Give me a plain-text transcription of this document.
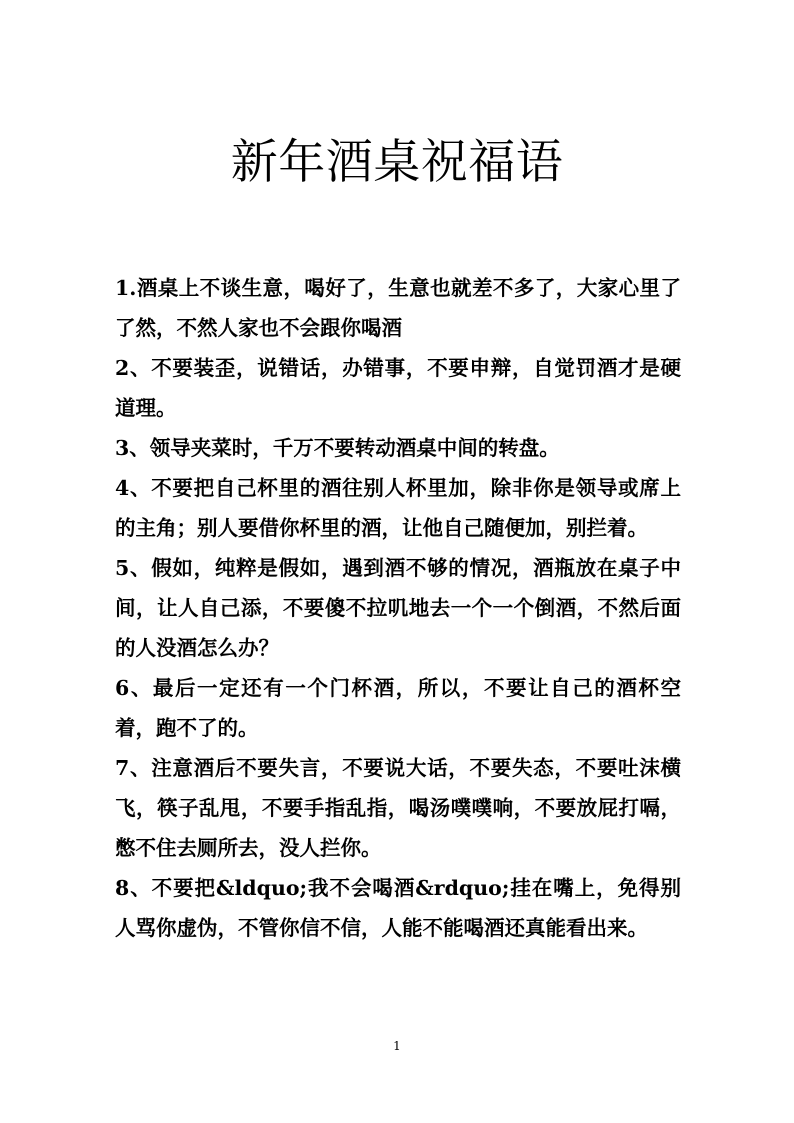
新年酒桌祝福语

1.酒桌上不谈生意，喝好了，生意也就差不多了，大家心里了了然，不然人家也不会跟你喝酒

2、不要装歪，说错话，办错事，不要申辩，自觉罚酒才是硬道理。

3、领导夹菜时，千万不要转动酒桌中间的转盘。

4、不要把自己杯里的酒往别人杯里加，除非你是领导或席上的主角；别人要借你杯里的酒，让他自己随便加，别拦着。

5、假如，纯粹是假如，遇到酒不够的情况，酒瓶放在桌子中间，让人自己添，不要傻不拉叽地去一个一个倒酒，不然后面的人没酒怎么办？

6、最后一定还有一个门杯酒，所以，不要让自己的酒杯空着，跑不了的。

7、注意酒后不要失言，不要说大话，不要失态，不要吐沫横飞，筷子乱甩，不要手指乱指，喝汤噗噗响，不要放屁打嗝，憋不住去厕所去，没人拦你。

8、不要把&ldquo;我不会喝酒&rdquo;挂在嘴上，免得别人骂你虚伪，不管你信不信，人能不能喝酒还真能看出来。

1
